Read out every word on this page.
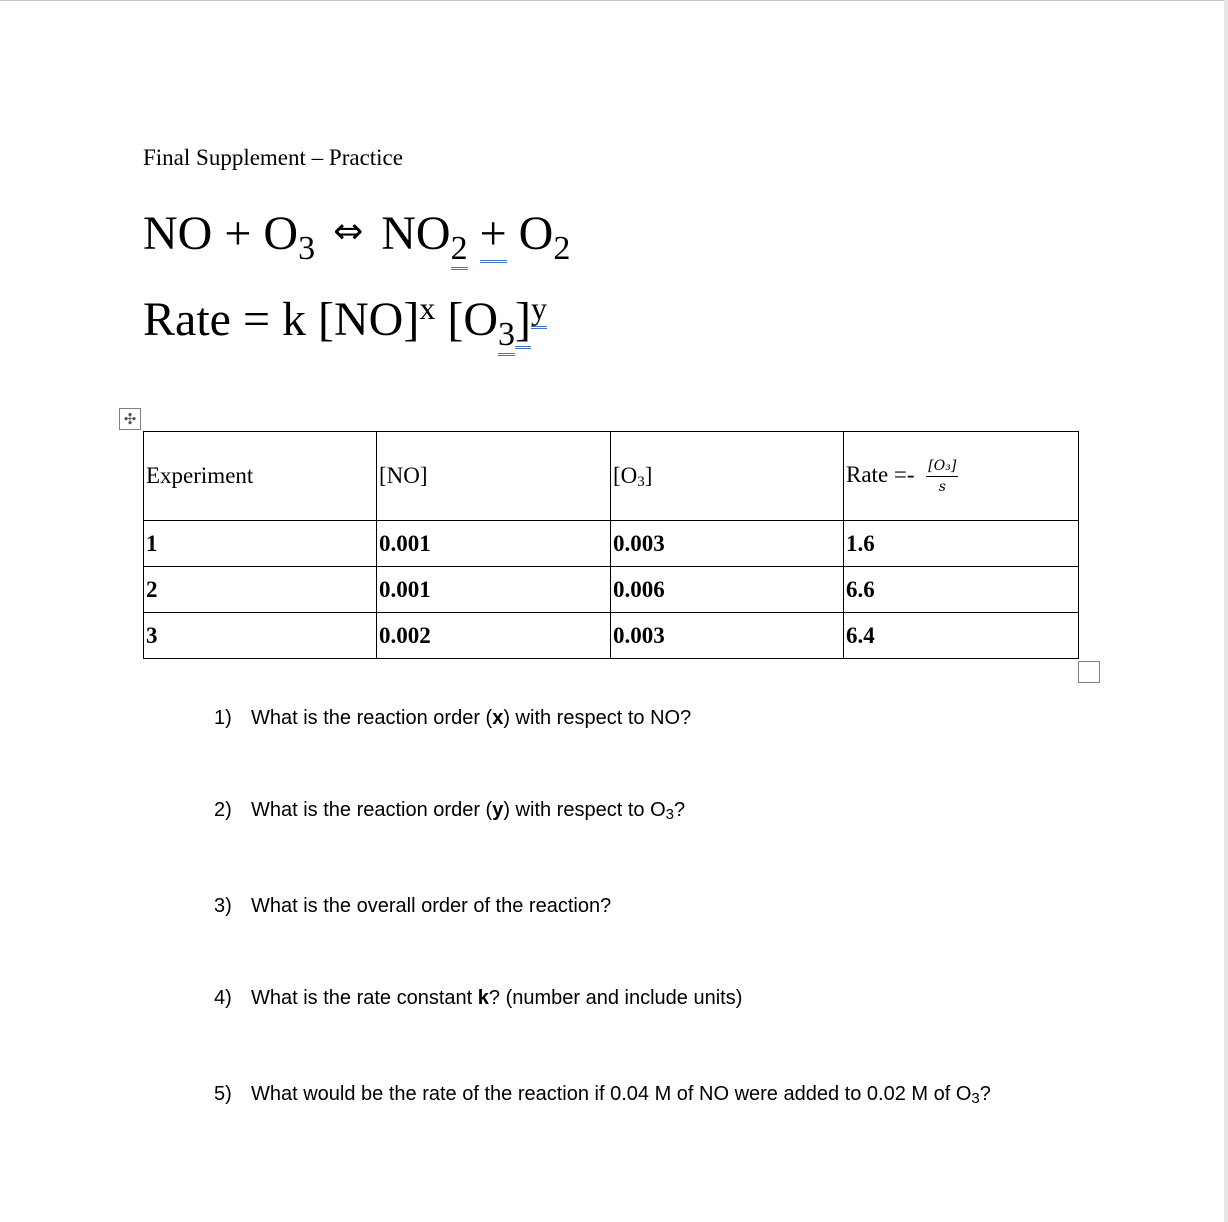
Final Supplement – Practice
NO + $O_3$ ⇔ $NO_2 + O_2$
Rate = k [NO]$^x$ $[O_3]^y$
✣
Experiment	[NO]	[O3]	Rate =- $\frac{\text{[O₃]}}{s}$

1	0.001	0.003	1.6
2	0.001	0.006	6.6
3	0.002	0.003	6.4
1) What is the reaction order (x) with respect to NO?
2) What is the reaction order (y) with respect to O3?
3) What is the overall order of the reaction?
4) What is the rate constant k? (number and include units)
5) What would be the rate of the reaction if 0.04 M of NO were added to 0.02 M of O3?
